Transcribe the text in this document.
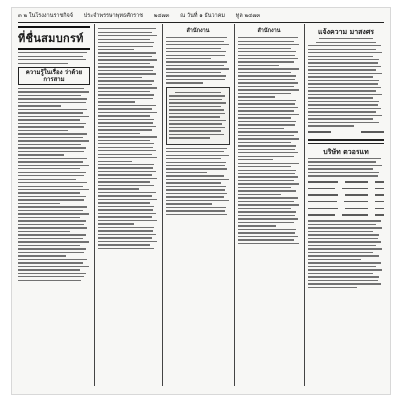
๓ ๒ ในโรงงานราชกิจจ์ ประจำพรรษาพุทธศักราช ๒๔๗๓ ณ วันที่ ๑ ธันวาคม ทูล ๒๔๗๓
ที่ชื่นสมบกรท์
ความรู้ในเรื่อง ว่าด้วยการสาม
สำนักงาน	สำนักงาน	แจ้งความ มาสงศร
บริษัท ตวอรแท
